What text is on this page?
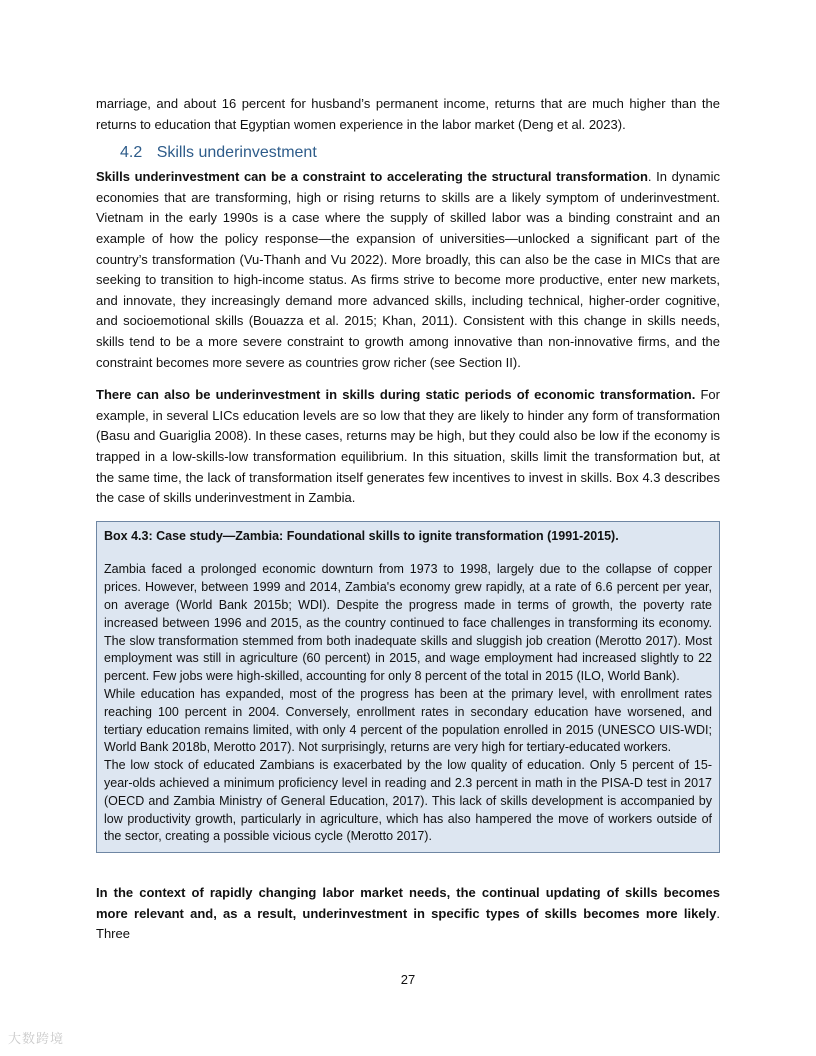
marriage, and about 16 percent for husband’s permanent income, returns that are much higher than the returns to education that Egyptian women experience in the labor market (Deng et al. 2023).

4.2 Skills underinvestment

Skills underinvestment can be a constraint to accelerating the structural transformation. In dynamic economies that are transforming, high or rising returns to skills are a likely symptom of underinvestment. Vietnam in the early 1990s is a case where the supply of skilled labor was a binding constraint and an example of how the policy response—the expansion of universities—unlocked a significant part of the country’s transformation (Vu-Thanh and Vu 2022). More broadly, this can also be the case in MICs that are seeking to transition to high-income status. As firms strive to become more productive, enter new markets, and innovate, they increasingly demand more advanced skills, including technical, higher-order cognitive, and socioemotional skills (Bouazza et al. 2015; Khan, 2011). Consistent with this change in skills needs, skills tend to be a more severe constraint to growth among innovative than non-innovative firms, and the constraint becomes more severe as countries grow richer (see Section II).

There can also be underinvestment in skills during static periods of economic transformation. For example, in several LICs education levels are so low that they are likely to hinder any form of transformation (Basu and Guariglia 2008). In these cases, returns may be high, but they could also be low if the economy is trapped in a low-skills-low transformation equilibrium. In this situation, skills limit the transformation but, at the same time, the lack of transformation itself generates few incentives to invest in skills. Box 4.3 describes the case of skills underinvestment in Zambia.

Box 4.3: Case study—Zambia: Foundational skills to ignite transformation (1991-2015).

Zambia faced a prolonged economic downturn from 1973 to 1998, largely due to the collapse of copper prices. However, between 1999 and 2014, Zambia's economy grew rapidly, at a rate of 6.6 percent per year, on average (World Bank 2015b; WDI). Despite the progress made in terms of growth, the poverty rate increased between 1996 and 2015, as the country continued to face challenges in transforming its economy. The slow transformation stemmed from both inadequate skills and sluggish job creation (Merotto 2017). Most employment was still in agriculture (60 percent) in 2015, and wage employment had increased slightly to 22 percent. Few jobs were high-skilled, accounting for only 8 percent of the total in 2015 (ILO, World Bank).

While education has expanded, most of the progress has been at the primary level, with enrollment rates reaching 100 percent in 2004. Conversely, enrollment rates in secondary education have worsened, and tertiary education remains limited, with only 4 percent of the population enrolled in 2015 (UNESCO UIS-WDI; World Bank 2018b, Merotto 2017). Not surprisingly, returns are very high for tertiary-educated workers.

The low stock of educated Zambians is exacerbated by the low quality of education. Only 5 percent of 15-year-olds achieved a minimum proficiency level in reading and 2.3 percent in math in the PISA-D test in 2017 (OECD and Zambia Ministry of General Education, 2017). This lack of skills development is accompanied by low productivity growth, particularly in agriculture, which has also hampered the move of workers outside of the sector, creating a possible vicious cycle (Merotto 2017).

In the context of rapidly changing labor market needs, the continual updating of skills becomes more relevant and, as a result, underinvestment in specific types of skills becomes more likely. Three

27
大数跨境
